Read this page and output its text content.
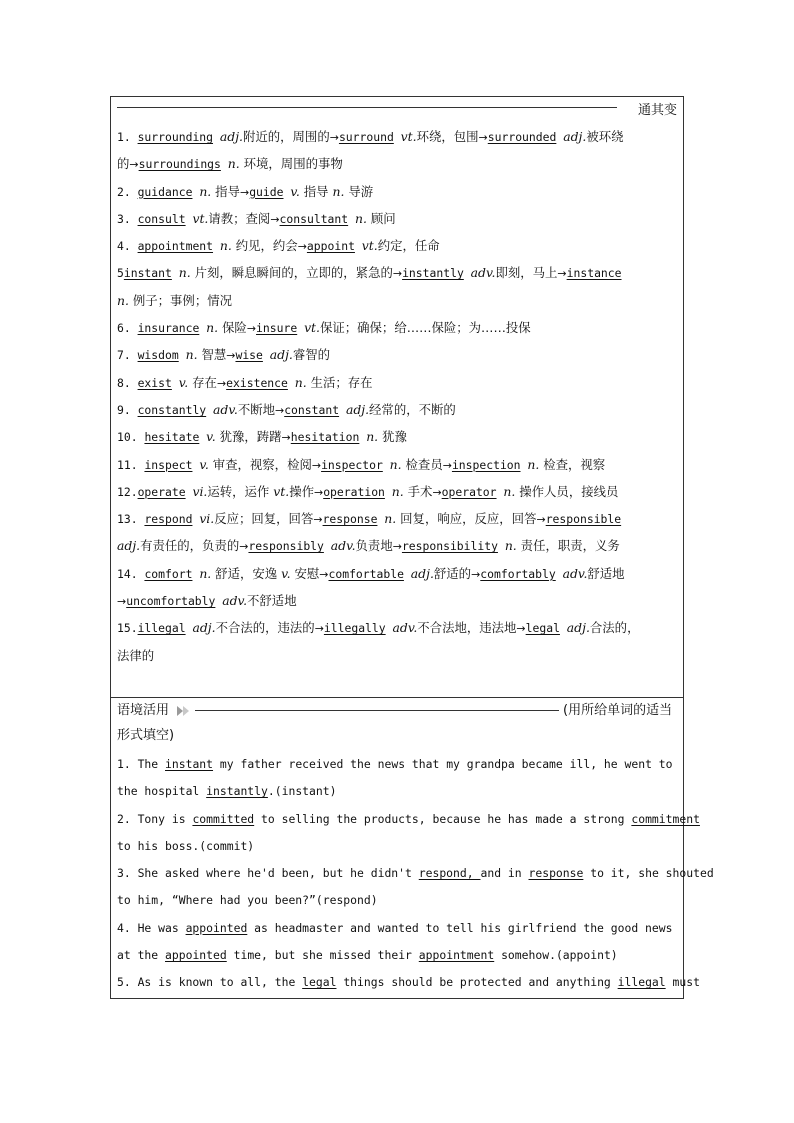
通其变
1. surrounding adj.附近的，周围的→surround vt.环绕，包围→surrounded adj.被环绕
的→surroundings n. 环境，周围的事物
2. guidance n. 指导→guide v. 指导 n. 导游
3. consult vt.请教；查阅→consultant n. 顾问
4. appointment n. 约见，约会→appoint vt.约定，任命
5instant n. 片刻，瞬息瞬间的，立即的，紧急的→instantly adv.即刻，马上→instance
n. 例子；事例；情况
6. insurance n. 保险→insure vt.保证；确保；给……保险；为……投保
7. wisdom n. 智慧→wise adj.睿智的
8. exist v. 存在→existence n. 生活；存在
9. constantly adv.不断地→constant adj.经常的，不断的
10. hesitate v. 犹豫，踌躇→hesitation n. 犹豫
11. inspect v. 审查，视察，检阅→inspector n. 检查员→inspection n. 检查，视察
12.operate vi.运转，运作 vt.操作→operation n. 手术→operator n. 操作人员，接线员
13. respond vi.反应；回复，回答→response n. 回复，响应，反应，回答→responsible
adj.有责任的，负责的→responsibly adv.负责地→responsibility n. 责任，职责，义务
14. comfort n. 舒适，安逸 v. 安慰→comfortable adj.舒适的→comfortably adv.舒适地
→uncomfortably adv.不舒适地
15.illegal adj.不合法的，违法的→illegally adv.不合法地，违法地→legal adj.合法的，
法律的
语境活用	(用所给单词的适当
形式填空)
1. The instant my father received the news that my grandpa became ill, he went to
the hospital instantly.(instant)
2. Tony is committed to selling the products, because he has made a strong commitment
to his boss.(commit)
3. She asked where he'd been, but he didn't respond, and in response to it, she shouted
to him, “Where had you been?”(respond)
4. He was appointed as headmaster and wanted to tell his girlfriend the good news
at the appointed time, but she missed their appointment somehow.(appoint)
5. As is known to all, the legal things should be protected and anything illegal must
